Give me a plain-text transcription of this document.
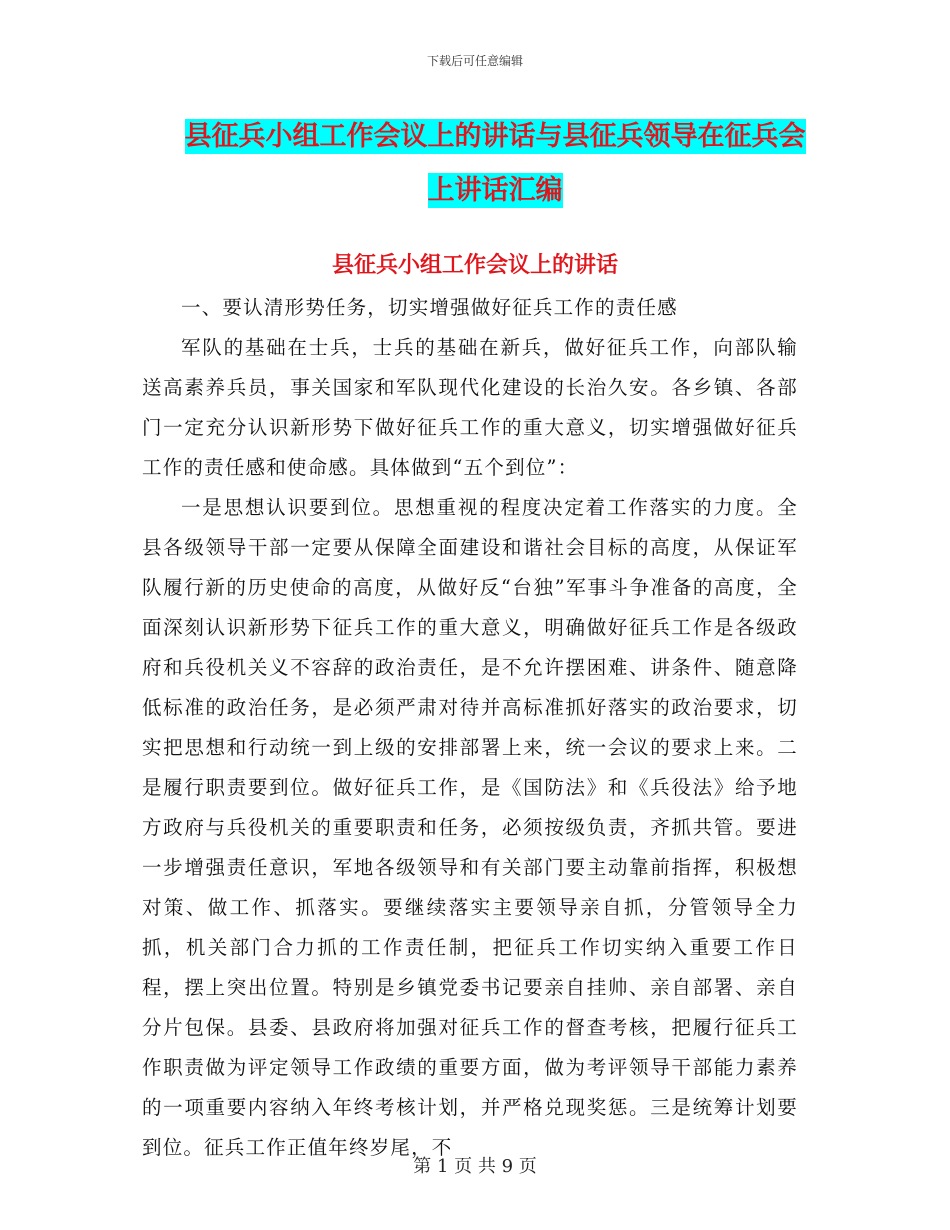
下载后可任意编辑
县征兵小组工作会议上的讲话与县征兵领导在征兵会
上讲话汇编
县征兵小组工作会议上的讲话

一、要认清形势任务，切实增强做好征兵工作的责任感

军队的基础在士兵，士兵的基础在新兵，做好征兵工作，向部队输送高素养兵员，事关国家和军队现代化建设的长治久安。各乡镇、各部门一定充分认识新形势下做好征兵工作的重大意义，切实增强做好征兵工作的责任感和使命感。具体做到“五个到位”：

一是思想认识要到位。思想重视的程度决定着工作落实的力度。全县各级领导干部一定要从保障全面建设和谐社会目标的高度，从保证军队履行新的历史使命的高度，从做好反“台独”军事斗争准备的高度，全面深刻认识新形势下征兵工作的重大意义，明确做好征兵工作是各级政府和兵役机关义不容辞的政治责任，是不允许摆困难、讲条件、随意降低标准的政治任务，是必须严肃对待并高标准抓好落实的政治要求，切实把思想和行动统一到上级的安排部署上来，统一会议的要求上来。二是履行职责要到位。做好征兵工作，是《国防法》和《兵役法》给予地方政府与兵役机关的重要职责和任务，必须按级负责，齐抓共管。要进一步增强责任意识，军地各级领导和有关部门要主动靠前指挥，积极想对策、做工作、抓落实。要继续落实主要领导亲自抓，分管领导全力抓，机关部门合力抓的工作责任制，把征兵工作切实纳入重要工作日程，摆上突出位置。特别是乡镇党委书记要亲自挂帅、亲自部署、亲自分片包保。县委、县政府将加强对征兵工作的督查考核，把履行征兵工作职责做为评定领导工作政绩的重要方面，做为考评领导干部能力素养的一项重要内容纳入年终考核计划，并严格兑现奖惩。三是统筹计划要到位。征兵工作正值年终岁尾，不

第 1 页 共 9 页
